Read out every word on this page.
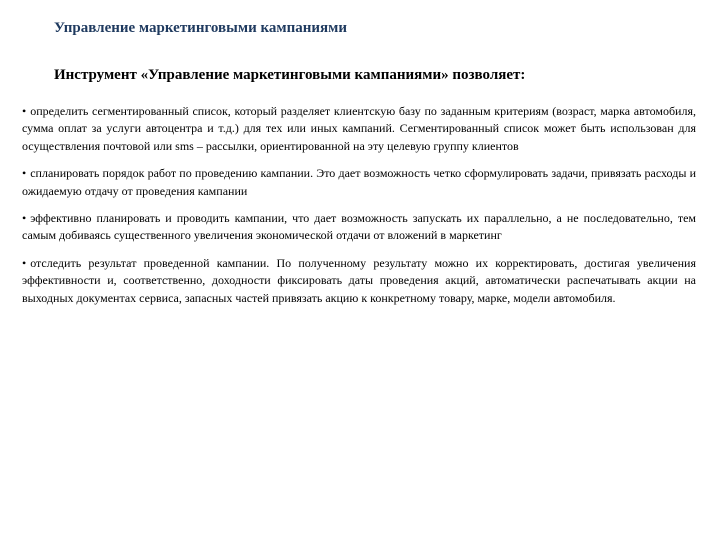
Управление маркетинговыми кампаниями
Инструмент «Управление маркетинговыми кампаниями» позволяет:
• определить сегментированный список, который разделяет клиентскую базу по заданным критериям (возраст, марка автомобиля, сумма оплат за услуги автоцентра и т.д.) для тех или иных кампаний. Сегментированный список может быть использован для осуществления почтовой или sms – рассылки, ориентированной на эту целевую группу клиентов
• спланировать порядок работ по проведению кампании. Это дает возможность четко сформулировать задачи, привязать расходы и ожидаемую отдачу от проведения кампании
• эффективно планировать и проводить кампании, что дает возможность запускать их параллельно, а не последовательно, тем самым добиваясь существенного увеличения экономической отдачи от вложений в маркетинг
• отследить результат проведенной кампании. По полученному результату можно их корректировать, достигая увеличения эффективности и, соответственно, доходности фиксировать даты проведения акций, автоматически распечатывать акции на выходных документах сервиса, запасных частей привязать акцию к конкретному товару, марке, модели автомобиля.
